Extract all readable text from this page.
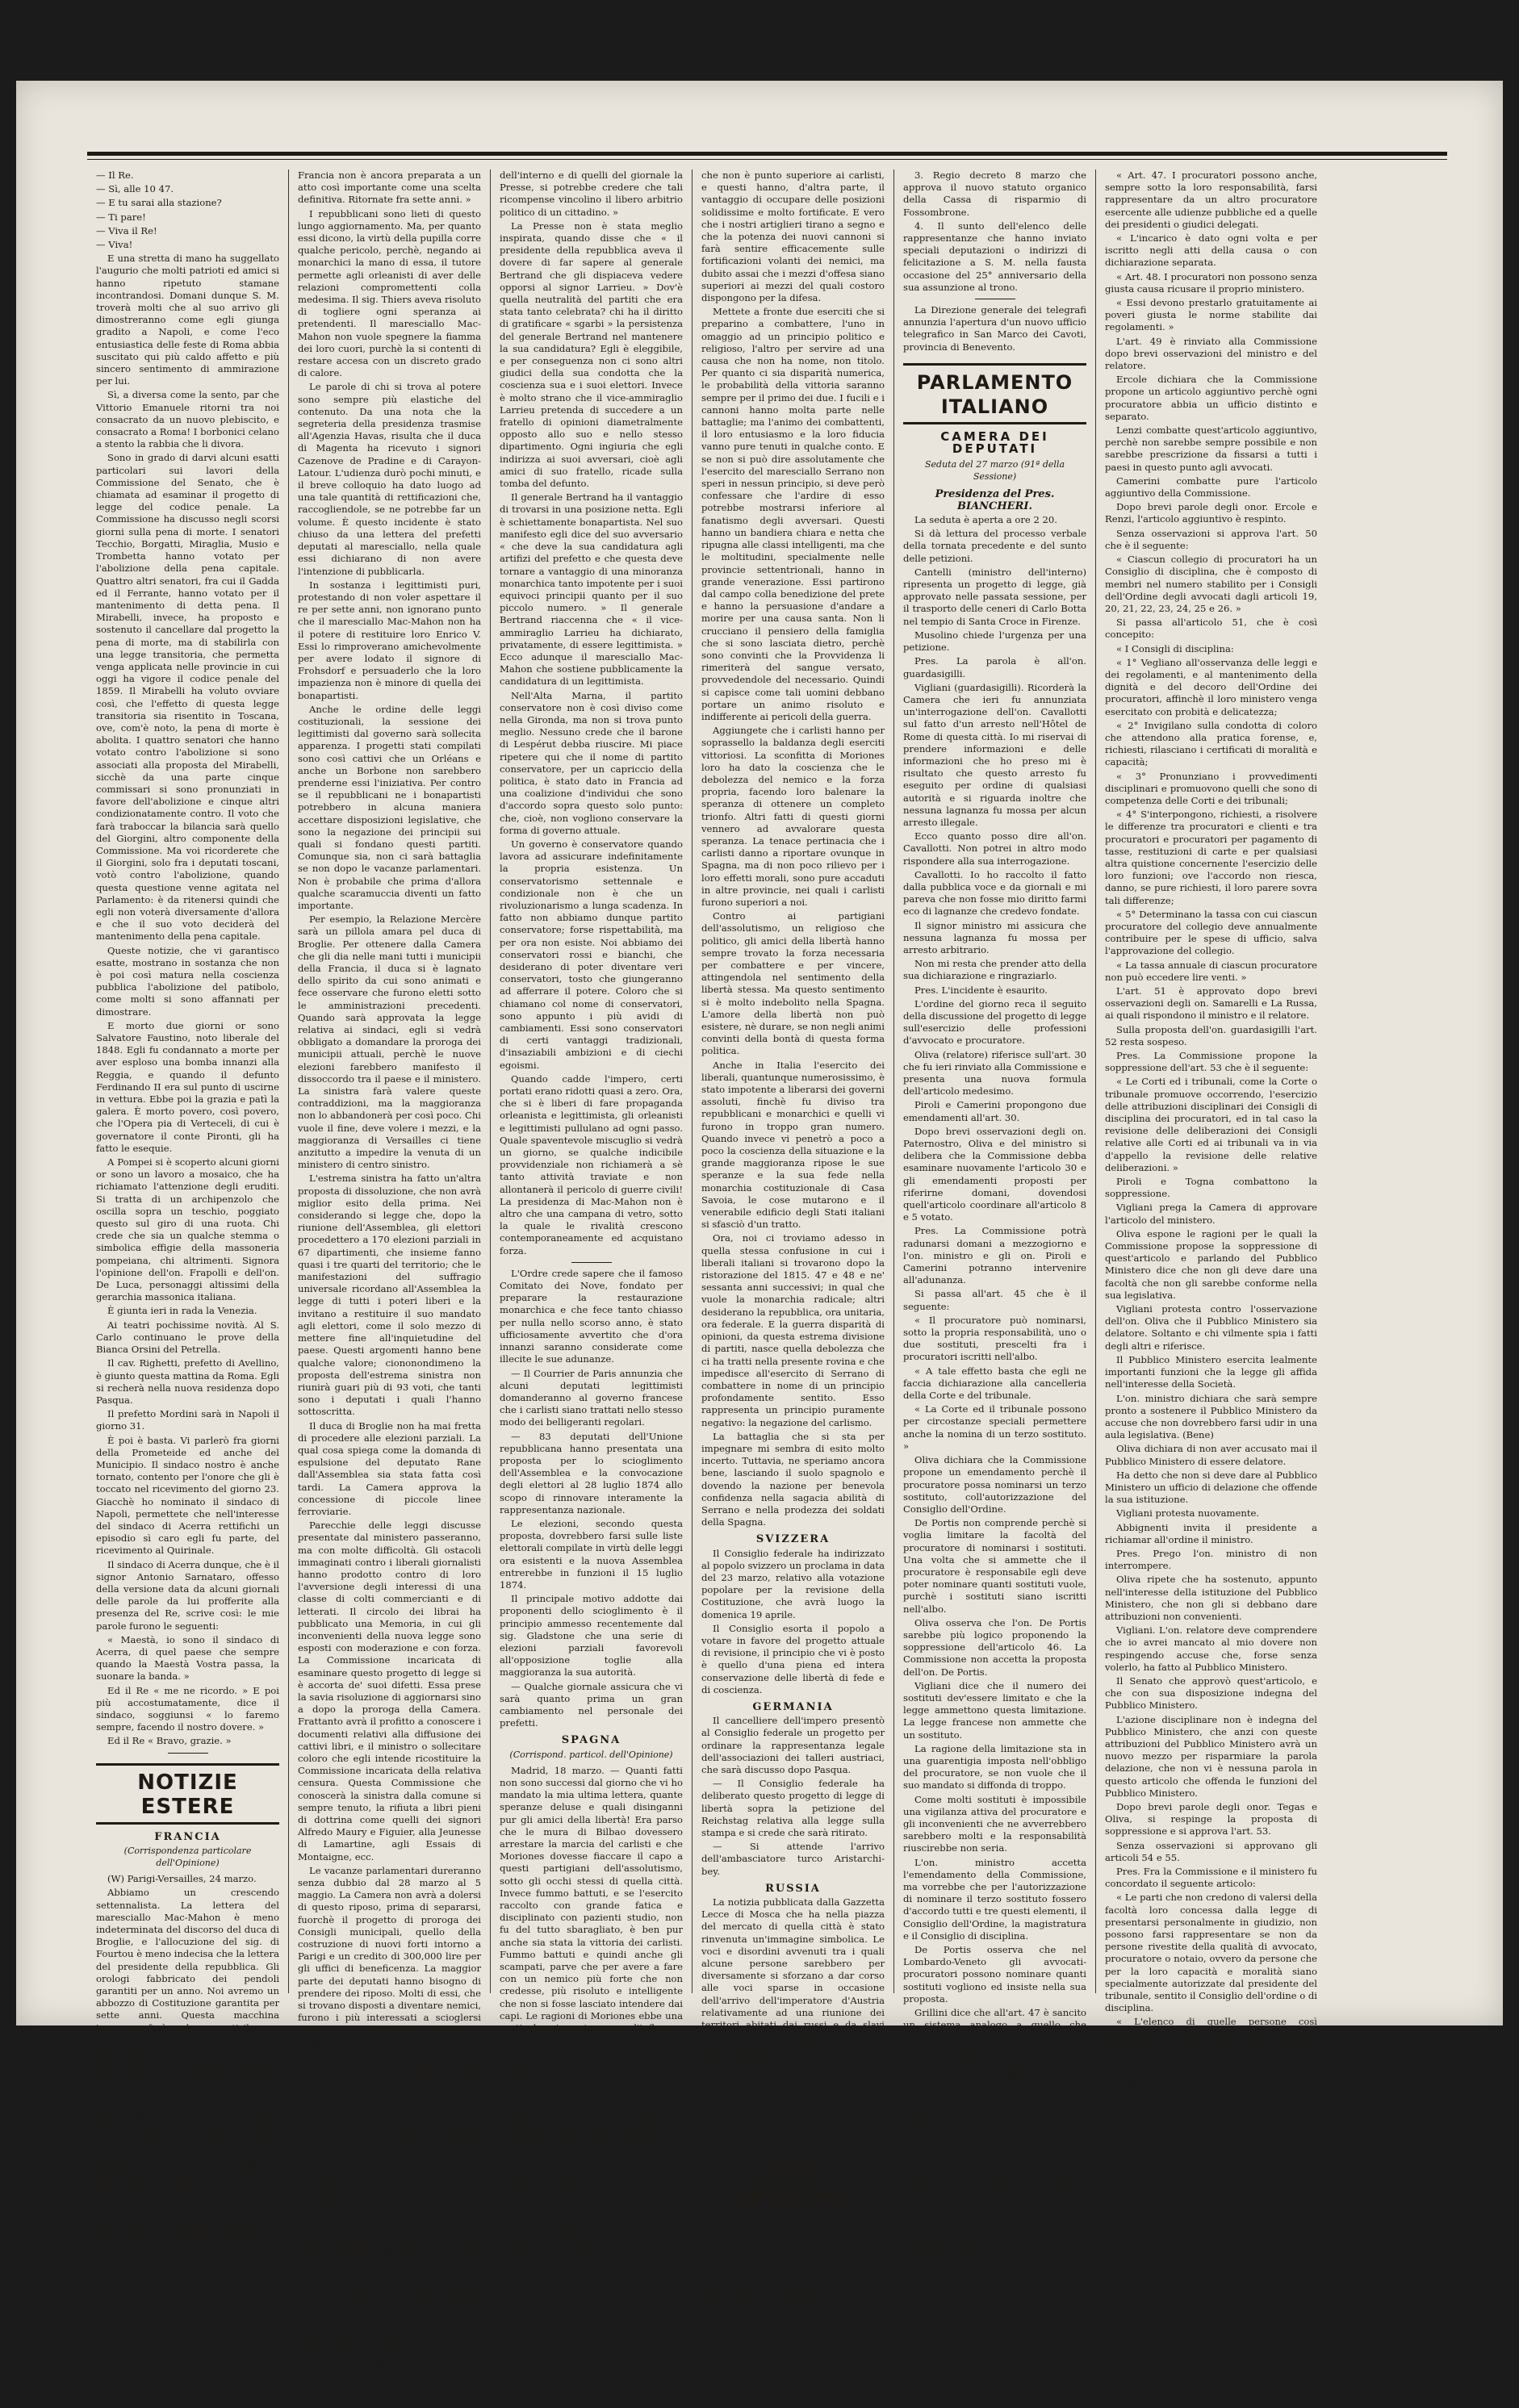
— Il Re.

— Sì, alle 10 47.

— E tu sarai alla stazione?

— Ti pare!

— Viva il Re!

— Viva!

E una stretta di mano ha suggellato l'augurio che molti patrioti ed amici si hanno ripetuto stamane incontrandosi. Domani dunque S. M. troverà molti che al suo arrivo gli dimostreranno come egli giunga gradito a Napoli, e come l'eco entusiastica delle feste di Roma abbia suscitato qui più caldo affetto e più sincero sentimento di ammirazione per lui.

Sì, a diversa come la sento, par che Vittorio Emanuele ritorni tra noi consacrato da un nuovo plebiscito, e consacrato a Roma! I borbonici celano a stento la rabbia che li divora.

Sono in grado di darvi alcuni esatti particolari sui lavori della Commissione del Senato, che è chiamata ad esaminar il progetto di legge del codice penale. La Commissione ha discusso negli scorsi giorni sulla pena di morte. I senatori Tecchio, Borgatti, Miraglia, Musio e Trombetta hanno votato per l'abolizione della pena capitale. Quattro altri senatori, fra cui il Gadda ed il Ferrante, hanno votato per il mantenimento di detta pena. Il Mirabelli, invece, ha proposto e sostenuto il cancellare dal progetto la pena di morte, ma di stabilirla con una legge transitoria, che permetta venga applicata nelle provincie in cui oggi ha vigore il codice penale del 1859. Il Mirabelli ha voluto ovviare così, che l'effetto di questa legge transitoria sia risentito in Toscana, ove, com'è noto, la pena di morte è abolita. I quattro senatori che hanno votato contro l'abolizione si sono associati alla proposta del Mirabelli, sicchè da una parte cinque commissari si sono pronunziati in favore dell'abolizione e cinque altri condizionatamente contro. Il voto che farà traboccar la bilancia sarà quello del Giorgini, altro componente della Commissione. Ma voi ricorderete che il Giorgini, solo fra i deputati toscani, votò contro l'abolizione, quando questa questione venne agitata nel Parlamento: è da ritenersi quindi che egli non voterà diversamente d'allora e che il suo voto deciderà del mantenimento della pena capitale.

Queste notizie, che vi garantisco esatte, mostrano in sostanza che non è poi così matura nella coscienza pubblica l'abolizione del patibolo, come molti si sono affannati per dimostrare.

E morto due giorni or sono Salvatore Faustino, noto liberale del 1848. Egli fu condannato a morte per aver esploso una bomba innanzi alla Reggia, e quando il defunto Ferdinando II era sul punto di uscirne in vettura. Ebbe poi la grazia e patì la galera. È morto povero, così povero, che l'Opera pia di Verteceli, di cui è governatore il conte Pironti, gli ha fatto le esequie.

A Pompei si è scoperto alcuni giorni or sono un lavoro a mosaico, che ha richiamato l'attenzione degli eruditi. Si tratta di un archipenzolo che oscilla sopra un teschio, poggiato questo sul giro di una ruota. Chi crede che sia un qualche stemma o simbolica effigie della massoneria pompeiana, chi altrimenti. Signora l'opinione dell'on. Frapolli e dell'on. De Luca, personaggi altissimi della gerarchia massonica italiana.

È giunta ieri in rada la Venezia.

Ai teatri pochissime novità. Al S. Carlo continuano le prove della Bianca Orsini del Petrella.

Il cav. Righetti, prefetto di Avellino, è giunto questa mattina da Roma. Egli si recherà nella nuova residenza dopo Pasqua.

Il prefetto Mordini sarà in Napoli il giorno 31.

È poi è basta. Vi parlerò fra giorni della Prometeide ed anche del Municipio. Il sindaco nostro è anche tornato, contento per l'onore che gli è toccato nel ricevimento del giorno 23. Giacchè ho nominato il sindaco di Napoli, permettete che nell'interesse del sindaco di Acerra rettifichi un episodio sì caro egli fu parte, del ricevimento al Quirinale.

Il sindaco di Acerra dunque, che è il signor Antonio Sarnataro, offesso della versione data da alcuni giornali delle parole da lui profferite alla presenza del Re, scrive così: le mie parole furono le seguenti:

« Maestà, io sono il sindaco di Acerra, di quel paese che sempre quando la Maestà Vostra passa, la suonare la banda. »

Ed il Re « me ne ricordo. » E poi più accostumatamente, dice il sindaco, soggiunsi « lo faremo sempre, facendo il nostro dovere. »

Ed il Re « Bravo, grazie. »

NOTIZIE ESTERE
FRANCIA
(Corrispondenza particolare dell'Opinione)

(W) Parigi-Versailles, 24 marzo.

Abbiamo un crescendo settennalista. La lettera del maresciallo Mac-Mahon è meno indeterminata del discorso del duca di Broglie, e l'allocuzione del sig. di Fourtou è meno indecisa che la lettera del presidente della repubblica. Gli orologi fabbricato dei pendoli garantiti per un anno. Noi avremo un abbozzo di Costituzione garantita per sette anni. Questa macchina inseguosa farà andare avanti il carro della repubblica con ruote legittimiste, orleaniste e clericali. Per sette anni ciascun partito avrà la convinzione che il domani appartiene a lui ed ai suoi.

Il signor di Fourtou è persuaso che dopo questo lasso di tempo la Francia sarà in grado di vedere chiaramente ne' suoi affari. Ogni partito, convinto che al fine il tutore consegnerà a lui la pupilla, sollecita il maresciallo ad abbreviare la dilazione, e nelle sue sollecitazioni adopera quello stesso ardore che il fidanzato impaziente suole usare nello svolgere le ultime pagine del suo romanzo. Le madri che non ardono del desiderio di avere un genero, adoperano la formula: « Mia figlia è troppo giovane; tornate più tardi. »

Il maresciallo Mac-Mahon risponde: « La

Francia non è ancora preparata a un atto così importante come una scelta definitiva. Ritornate fra sette anni. »

I repubblicani sono lieti di questo lungo aggiornamento. Ma, per quanto essi dicono, la virtù della pupilla corre qualche pericolo, perchè, negando ai monarchici la mano di essa, il tutore permette agli orleanisti di aver delle relazioni compromettenti colla medesima. Il sig. Thiers aveva risoluto di togliere ogni speranza ai pretendenti. Il maresciallo Mac-Mahon non vuole spegnere la fiamma dei loro cuori, purchè la si contenti di restare accesa con un discreto grado di calore.

Le parole di chi si trova al potere sono sempre più elastiche del contenuto. Da una nota che la segreteria della presidenza trasmise all'Agenzia Havas, risulta che il duca di Magenta ha ricevuto i signori Cazenove de Pradine e di Carayon-Latour. L'udienza durò pochi minuti, e il breve colloquio ha dato luogo ad una tale quantità di rettificazioni che, raccogliendole, se ne potrebbe far un volume. È questo incidente è stato chiuso da una lettera del prefetti deputati al maresciallo, nella quale essi dichiarano di non avere l'intenzione di pubblicarla.

In sostanza i legittimisti puri, protestando di non voler aspettare il re per sette anni, non ignorano punto che il maresciallo Mac-Mahon non ha il potere di restituire loro Enrico V. Essi lo rimproverano amichevolmente per avere lodato il signore di Frohsdorf e persuaderlo che la loro impazienza non è minore di quella dei bonapartisti.

Anche le ordine delle leggi costituzionali, la sessione dei legittimisti dal governo sarà sollecita apparenza. I progetti stati compilati sono così cattivi che un Orléans e anche un Borbone non sarebbero prenderne essi l'iniziativa. Per contro se il repubblicani ne i bonapartisti potrebbero in alcuna maniera accettare disposizioni legislative, che sono la negazione dei principii sui quali si fondano questi partiti. Comunque sia, non ci sarà battaglia se non dopo le vacanze parlamentari. Non è probabile che prima d'allora qualche scaramuccia diventi un fatto importante.

Per esempio, la Relazione Mercère sarà un pillola amara pel duca di Broglie. Per ottenere dalla Camera che gli dia nelle mani tutti i municipii della Francia, il duca si è lagnato dello spirito da cui sono animati e fece osservare che furono eletti sotto le amministrazioni precedenti. Quando sarà approvata la legge relativa ai sindaci, egli si vedrà obbligato a domandare la proroga dei municipii attuali, perchè le nuove elezioni farebbero manifesto il dissoccordo tra il paese e il ministero. La sinistra farà valere queste contraddizioni, ma la maggioranza non lo abbandonerà per così poco. Chi vuole il fine, deve volere i mezzi, e la maggioranza di Versailles ci tiene anzitutto a impedire la venuta di un ministero di centro sinistro.

L'estrema sinistra ha fatto un'altra proposta di dissoluzione, che non avrà miglior esito della prima. Nei considerando si legge che, dopo la riunione dell'Assemblea, gli elettori procedettero a 170 elezioni parziali in 67 dipartimenti, che insieme fanno quasi i tre quarti del territorio; che le manifestazioni del suffragio universale ricordano all'Assemblea la legge di tutti i poteri liberi e la invitano a restituire il suo mandato agli elettori, come il solo mezzo di mettere fine all'inquietudine del paese. Questi argomenti hanno bene qualche valore; ciononondimeno la proposta dell'estrema sinistra non riunirà guari più di 93 voti, che tanti sono i deputati i quali l'hanno sottoscritta.

Il duca di Broglie non ha mai fretta di procedere alle elezioni parziali. La qual cosa spiega come la domanda di espulsione del deputato Rane dall'Assemblea sia stata fatta così tardi. La Camera approva la concessione di piccole linee ferroviarie.

Parecchie delle leggi discusse presentate dal ministero passeranno, ma con molte difficoltà. Gli ostacoli immaginati contro i liberali giornalisti hanno prodotto contro di loro l'avversione degli interessi di una classe di colti commercianti e di letterati. Il circolo dei librai ha pubblicato una Memoria, in cui gli inconvenienti della nuova legge sono esposti con moderazione e con forza. La Commissione incaricata di esaminare questo progetto di legge si è accorta de' suoi difetti. Essa prese la savia risoluzione di aggiornarsi sino a dopo la proroga della Camera. Frattanto avrà il profitto a conoscere i documenti relativi alla diffusione dei cattivi libri, e il ministro o sollecitare coloro che egli intende ricostituire la Commissione incaricata della relativa censura. Questa Commissione che conoscerà la sinistra dalla comune si sempre tenuto, la rifiuta a libri pieni di dottrina come quelli dei signori Alfredo Maury e Figuier, alla Jeunesse di Lamartine, agli Essais di Montaigne, ecc.

Le vacanze parlamentari dureranno senza dubbio dal 28 marzo al 5 maggio. La Camera non avrà a dolersi di questo riposo, prima di separarsi, fuorchè il progetto di proroga dei Consigli municipali, quello della costruzione di nuovi forti intorno a Parigi e un credito di 300,000 lire per gli uffici di beneficenza. La maggior parte dei deputati hanno bisogno di prendere dei riposo. Molti di essi, che si trovano disposti a diventare nemici, furono i più interessati a scioglersi non fosse per durante l'assedio. Le feste ufficiali, le quali si sperava che dessero un nuovo impulso agli affari, non hanno potuto dissipare la nube che aveva e ha delle ragioni molto profonde.

Il movimento elettorale nell'Alta Marna e nella Gironda non appare favorevole al governo. La Presse, organo ufficioso del duca di Broglie, ha pubblicato una nota espressa in termini così malaccorti, che i giornali dell'opposizione ci hanno trovata molta materia di scherni. La Presse, « persistendo il generale Bertrand nel voler dividere il partito conservatore, » crede di « dover ricordare ch'egli è stato nominato, or sono tre mesi appena, grande ufficiale della Legion d'onore. Quando, in Novembre scorso, il maresciallo Mac-Mahon parlò contro la legge di sicurezza generale, gli organi del governo non poterono parlare più con più più franchezza e decisione, a tutela di leggi (intendimento) a questa, uccisa dalla benevolenza di Napoleone III.

« In nome della nazione che un capo dello Stato riconoscano il merito; non sappiamo se altrove, fuori degli uffici del ministero

dell'interno e di quelli del giornale la Presse, si potrebbe credere che tali ricompense vincolino il libero arbitrio politico di un cittadino. »

La Presse non è stata meglio inspirata, quando disse che « il presidente della repubblica aveva il dovere di far sapere al generale Bertrand che gli dispiaceva vedere opporsi al signor Larrieu. » Dov'è quella neutralità del partiti che era stata tanto celebrata? chi ha il diritto di gratificare « sgarbi » la persistenza del generale Bertrand nel mantenere la sua candidatura? Egli è eleggibile, e per conseguenza non ci sono altri giudici della sua condotta che la coscienza sua e i suoi elettori. Invece è molto strano che il vice-ammiraglio Larrieu pretenda di succedere a un fratello di opinioni diametralmente opposto allo suo e nello stesso dipartimento. Ogni ingiuria che egli indirizza ai suoi avversari, cioè agli amici di suo fratello, ricade sulla tomba del defunto.

Il generale Bertrand ha il vantaggio di trovarsi in una posizione netta. Egli è schiettamente bonapartista. Nel suo manifesto egli dice del suo avversario « che deve la sua candidatura agli artifizi del prefetto e che questa deve tornare a vantaggio di una minoranza monarchica tanto impotente per i suoi equivoci principii quanto per il suo piccolo numero. » Il generale Bertrand riaccenna che « il vice-ammiraglio Larrieu ha dichiarato, privatamente, di essere legittimista. » Ecco adunque il maresciallo Mac-Mahon che sostiene pubblicamente la candidatura di un legittimista.

Nell'Alta Marna, il partito conservatore non è così diviso come nella Gironda, ma non si trova punto meglio. Nessuno crede che il barone di Lespérut debba riuscire. Mi piace ripetere qui che il nome di partito conservatore, per un capriccio della politica, è stato dato in Francia ad una coalizione d'individui che sono d'accordo sopra questo solo punto: che, cioè, non vogliono conservare la forma di governo attuale.

Un governo è conservatore quando lavora ad assicurare indefinitamente la propria esistenza. Un conservatorismo settennale e condizionale non è che un rivoluzionarismo a lunga scadenza. In fatto non abbiamo dunque partito conservatore; forse rispettabilità, ma per ora non esiste. Noi abbiamo dei conservatori rossi e bianchi, che desiderano di poter diventare veri conservatori, tosto che giungeranno ad afferrare il potere. Coloro che si chiamano col nome di conservatori, sono appunto i più avidi di cambiamenti. Essi sono conservatori di certi vantaggi tradizionali, d'insaziabili ambizioni e di ciechi egoismi.

Quando cadde l'impero, certi portati erano ridotti quasi a zero. Ora, che si è liberi di fare propaganda orleanista e legittimista, gli orleanisti e legittimisti pullulano ad ogni passo. Quale spaventevole miscuglio si vedrà un giorno, se qualche indicibile provvidenziale non richiamerà a sè tanto attività traviate e non allontanerà il pericolo di guerre civili! La presidenza di Mac-Mahon non è altro che una campana di vetro, sotto la quale le rivalità crescono contemporaneamente ed acquistano forza.

L'Ordre crede sapere che il famoso Comitato dei Nove, fondato per preparare la restaurazione monarchica e che fece tanto chiasso per nulla nello scorso anno, è stato ufficiosamente avvertito che d'ora innanzi saranno considerate come illecite le sue adunanze.

— Il Courrier de Paris annunzia che alcuni deputati legittimisti domanderanno al governo francese che i carlisti siano trattati nello stesso modo dei belligeranti regolari.

— 83 deputati dell'Unione repubblicana hanno presentata una proposta per lo scioglimento dell'Assemblea e la convocazione degli elettori al 28 luglio 1874 allo scopo di rinnovare interamente la rappresentanza nazionale.

Le elezioni, secondo questa proposta, dovrebbero farsi sulle liste elettorali compilate in virtù delle leggi ora esistenti e la nuova Assemblea entrerebbe in funzioni il 15 luglio 1874.

Il principale motivo addotte dai proponenti dello scioglimento è il principio ammesso recentemente dal sig. Gladstone che una serie di elezioni parziali favorevoli all'opposizione toglie alla maggioranza la sua autorità.

— Qualche giornale assicura che vi sarà quanto prima un gran cambiamento nel personale dei prefetti.

SPAGNA
(Corrispond. particol. dell'Opinione)

Madrid, 18 marzo. — Quanti fatti non sono successi dal giorno che vi ho mandato la mia ultima lettera, quante speranze deluse e quali disinganni pur gli amici della libertà! Era parso che le mura di Bilbao dovessero arrestare la marcia del carlisti e che Moriones dovesse fiaccare il capo a questi partigiani dell'assolutismo, sotto gli occhi stessi di quella città. Invece fummo battuti, e se l'esercito raccolto con grande fatica e disciplinato con pazienti studio, non fu del tutto sbaragliato, è ben pur anche sia stata la vittoria dei carlisti. Fummo battuti e quindi anche gli scampati, parve che per avere a fare con un nemico più forte che non credesse, più risoluto e intelligente che non si fosse lasciato intendere dai capi. Le ragioni di Moriones ebbe una particolare importanza per l'influenza che ha dovuto avere sopra le altre truppe, che perdettero sul morale dei soldati.

Ora quell' esercito medesimo è stato accresciuto di rinforzi numerosi, e si trova in ben altre e più poderosa artiglieria. Un nuovo comandante gli fu messo a capo e il fior dell'esercito spagnuolo, i più insigni generali e coi più speriamo precedono mi guerra che abbia la Spagna il Serrano, Topete, Loma, Primo de Rivera, Lopez-Dominguez e quant'altri mai abbiamo valenti capitani, si trovano di fronte agli oppositori e non aspettano che un'opportuna occasione per dare finalmente la battaglia.

Sventuratamente l'esercito calcola anche adesso sopra il concorso delle popolazioni dopo dalle disposizioni del mare. Gli rotto a ciò, noi abbiamo un numero d'uomini

che non è punto superiore ai carlisti, e questi hanno, d'altra parte, il vantaggio di occupare delle posizioni solidissime e molto fortificate. E vero che i nostri artiglieri tirano a segno e che la potenza dei nuovi cannoni si farà sentire efficacemente sulle fortificazioni volanti dei nemici, ma dubito assai che i mezzi d'offesa siano superiori ai mezzi del quali costoro dispongono per la difesa.

Mettete a fronte due eserciti che si preparino a combattere, l'uno in omaggio ad un principio politico e religioso, l'altro per servire ad una causa che non ha nome, non titolo. Per quanto ci sia disparità numerica, le probabilità della vittoria saranno sempre per il primo dei due. I fucili e i cannoni hanno molta parte nelle battaglie; ma l'animo dei combattenti, il loro entusiasmo e la loro fiducia vanno pure tenuti in qualche conto. E se non si può dire assolutamente che l'esercito del maresciallo Serrano non speri in nessun principio, si deve però confessare che l'ardire di esso potrebbe mostrarsi inferiore al fanatismo degli avversari. Questi hanno un bandiera chiara e netta che ripugna alle classi intelligenti, ma che le moltitudini, specialmente nelle provincie settentrionali, hanno in grande venerazione. Essi partirono dal campo colla benedizione del prete e hanno la persuasione d'andare a morire per una causa santa. Non li crucciano il pensiero della famiglia che si sono lasciata dietro, perchè sono convinti che la Provvidenza li rimeriterà del sangue versato, provvedendole del necessario. Quindi si capisce come tali uomini debbano portare un animo risoluto e indifferente ai pericoli della guerra.

Aggiungete che i carlisti hanno per soprassello la baldanza degli eserciti vittoriosi. La sconfitta di Moriones loro ha dato la coscienza che le debolezza del nemico e la forza propria, facendo loro balenare la speranza di ottenere un completo trionfo. Altri fatti di questi giorni vennero ad avvalorare questa speranza. La tenace pertinacia che i carlisti danno a riportare ovunque in Spagna, ma di non poco rilievo per i loro effetti morali, sono pure accaduti in altre provincie, nei quali i carlisti furono superiori a noi.

Contro ai partigiani dell'assolutismo, un religioso che politico, gli amici della libertà hanno sempre trovato la forza necessaria per combattere e per vincere, attingendola nel sentimento della libertà stessa. Ma questo sentimento si è molto indebolito nella Spagna. L'amore della libertà non può esistere, nè durare, se non negli animi convinti della bontà di questa forma politica.

Anche in Italia l'esercito dei liberali, quantunque numerosissimo, è stato impotente a liberarsi dei governi assoluti, finchè fu diviso tra repubblicani e monarchici e quelli vi furono in troppo gran numero. Quando invece vi penetrò a poco a poco la coscienza della situazione e la grande maggioranza ripose le sue speranze e la sua fede nella monarchia costituzionale di Casa Savoia, le cose mutarono e il venerabile edificio degli Stati italiani si sfasciò d'un tratto.

Ora, noi ci troviamo adesso in quella stessa confusione in cui i liberali italiani si trovarono dopo la ristorazione del 1815. 47 e 48 e ne' sessanta anni successivi; in qual che vuole la monarchia radicale; altri desiderano la repubblica, ora unitaria, ora federale. E la guerra disparità di opinioni, da questa estrema divisione di partiti, nasce quella debolezza che ci ha tratti nella presente rovina e che impedisce all'esercito di Serrano di combattere in nome di un principio profondamente sentito. Esso rappresenta un principio puramente negativo: la negazione del carlismo.

La battaglia che si sta per impegnare mi sembra di esito molto incerto. Tuttavia, ne speriamo ancora bene, lasciando il suolo spagnolo e dovendo la nazione per benevola confidenza nella sagacia abilità di Serrano e nella prodezza dei soldati della Spagna.

SVIZZERA

Il Consiglio federale ha indirizzato al popolo svizzero un proclama in data del 23 marzo, relativo alla votazione popolare per la revisione della Costituzione, che avrà luogo la domenica 19 aprile.

Il Consiglio esorta il popolo a votare in favore del progetto attuale di revisione, il principio che vi è posto è quello d'una piena ed intera conservazione delle libertà di fede e di coscienza.

GERMANIA

Il cancelliere dell'impero presentò al Consiglio federale un progetto per ordinare la rappresentanza legale dell'associazioni dei talleri austriaci, che sarà discusso dopo Pasqua.

— Il Consiglio federale ha deliberato questo progetto di legge di libertà sopra la petizione del Reichstag relativa alla legge sulla stampa e si crede che sarà ritirato.

— Si attende l'arrivo dell'ambasciatore turco Aristarchi-bey.

RUSSIA

La notizia pubblicata dalla Gazzetta Lecce di Mosca che ha nella piazza del mercato di quella città è stato rinvenuta un'immagine simbolica. Le voci e disordini avvenuti tra i quali alcune persone sarebbero per diversamente si sforzano a dar corso alle voci sparse in occasione dell'arrivo dell'imperatore d'Austria relativamente ad una riunione dei territori abitati dai russi e da slavi sotto uno stesso dominio, secondo comunicazioni degne di fede, è affatto privo di fondamento.

GRECIA

Un dispaccio da Atene, 24, reca:

E arrivata qui una squadra composta di cinque navi corazzate inglesi.

ATTI UFFICIALI

La Gazzetta Ufficiale del 27 marzo contiene:

1. Regio decreto 8 marzo che approva una modificazione all'art. 12 del regolamento sulla istruzione degli alunni nell'Università di Firenze che porta intitolato obbligatorie.

2. Regio decreto 8 marzo che modifica il paragrafo 2° dell'art. 11 del regolamento generale universitario.

3. Regio decreto 8 marzo che approva il nuovo statuto organico della Cassa di risparmio di Fossombrone.

4. Il sunto dell'elenco delle rappresentanze che hanno inviato speciali deputazioni o indirizzi di felicitazione a S. M. nella fausta occasione del 25° anniversario della sua assunzione al trono.

La Direzione generale dei telegrafi annunzia l'apertura d'un nuovo ufficio telegrafico in San Marco dei Cavoti, provincia di Benevento.

PARLAMENTO ITALIANO
CAMERA DEI DEPUTATI
Seduta del 27 marzo (91ª della Sessione)
Presidenza del Pres. BIANCHERI.

La seduta è aperta a ore 2 20.

Si dà lettura del processo verbale della tornata precedente e del sunto delle petizioni.

Cantelli (ministro dell'interno) ripresenta un progetto di legge, già approvato nelle passata sessione, per il trasporto delle ceneri di Carlo Botta nel tempio di Santa Croce in Firenze.

Musolino chiede l'urgenza per una petizione.

Pres. La parola è all'on. guardasigilli.

Vigliani (guardasigilli). Ricorderà la Camera che ieri fu annunziata un'interrogazione dell'on. Cavallotti sul fatto d'un arresto nell'Hôtel de Rome di questa città. Io mi riservai di prendere informazioni e delle informazioni che ho preso mi è risultato che questo arresto fu eseguito per ordine di qualsiasi autorità e si riguarda inoltre che nessuna lagnanza fu mossa per alcun arresto illegale.

Ecco quanto posso dire all'on. Cavallotti. Non potrei in altro modo rispondere alla sua interrogazione.

Cavallotti. Io ho raccolto il fatto dalla pubblica voce e da giornali e mi parevа che non fosse mio diritto farmi eco di lagnanze che credevo fondate.

Il signor ministro mi assicura che nessuna lagnanza fu mossa per arresto arbitrario.

Non mi resta che prender atto della sua dichiarazione e ringraziarlo.

Pres. L'incidente è esaurito.

L'ordine del giorno reca il seguito della discussione del progetto di legge sull'esercizio delle professioni d'avvocato e procuratore.

Oliva (relatore) riferisce sull'art. 30 che fu ieri rinviato alla Commissione e presenta una nuova formula dell'articolo medesimo.

Piroli e Camerini propongono due emendamenti all'art. 30.

Dopo brevi osservazioni degli on. Paternostro, Oliva e del ministro si delibera che la Commissione debba esaminare nuovamente l'articolo 30 e gli emendamenti proposti per riferirne domani, dovendosi quell'articolo coordinare all'articolo 8 e 5 votato.

Pres. La Commissione potrà radunarsi domani a mezzogiorno e l'on. ministro e gli on. Piroli e Camerini potranno intervenire all'adunanza.

Si passa all'art. 45 che è il seguente:

« Il procuratore può nominarsi, sotto la propria responsabilità, uno o due sostituti, prescelti fra i procuratori iscritti nell'albo.

« A tale effetto basta che egli ne faccia dichiarazione alla cancelleria della Corte e del tribunale.

« La Corte ed il tribunale possono per circostanze speciali permettere anche la nomina di un terzo sostituto. »

Oliva dichiara che la Commissione propone un emendamento perchè il procuratore possa nominarsi un terzo sostituto, coll'autorizzazione del Consiglio dell'Ordine.

De Portis non comprende perchè si voglia limitare la facoltà del procuratore di nominarsi i sostituti. Una volta che si ammette che il procuratore è responsabile egli deve poter nominare quanti sostituti vuole, purchè i sostituti siano iscritti nell'albo.

Oliva osserva che l'on. De Portis sarebbe più logico proponendo la soppressione dell'articolo 46. La Commissione non accetta la proposta dell'on. De Portis.

Vigliani dice che il numero dei sostituti dev'essere limitato e che la legge ammettono questa limitazione. La legge francese non ammette che un sostituto.

La ragione della limitazione sta in una guarentigia imposta nell'obbligo del procuratore, se non vuole che il suo mandato si diffonda di troppo.

Come molti sostituti è impossibile una vigilanza attiva del procuratore e gli inconvenienti che ne avverrebbero sarebbero molti e la responsabilità riuscirebbe non seria.

L'on. ministro accetta l'emendamento della Commissione, ma vorrebbe che per l'autorizzazione di nominare il terzo sostituto fossero d'accordo tutti e tre questi elementi, il Consiglio dell'Ordine, la magistratura e il Consiglio di disciplina.

De Portis osserva che nel Lombardo-Veneto gli avvocati-procuratori possono nominare quanti sostituti vogliono ed insiste nella sua proposta.

Grillini dice che all'art. 47 è sancito un sistema analogo a quello che vigeva nel Lombardo-Veneto.

In quell'articolo è sancito che i procuratori possono anche, sotto la loro responsabilità, fare rappresentare da un altro procuratore esercente alle udienze pubbliche e a quelle dei presidenti o giudici delegati.

De Portis non insiste nel suo emendamento.

L'art. 45 è approvato coll'aggiunta dopo le parole la Corte e il tribunale possono delle parole: sentito il Consiglio dell'Ordine, proposte dal ministro d'accordo colla Commissione.

Senza osservazione si approvano i seguenti articoli:

« Art. 46. Il procuratore sostituto rappresenta per tutte le conseguenze di diritto il procuratore che lo ha nominato.

« Art. 47. I procuratori possono anche, sempre sotto la loro responsabilità, farsi rappresentare da un altro procuratore esercente alle udienze pubbliche ed a quelle dei presidenti o giudici delegati.

« L'incarico è dato ogni volta e per iscritto negli atti della causa o con dichiarazione separata.

« Art. 48. I procuratori non possono senza giusta causa ricusare il proprio ministero.

« Essi devono prestarlo gratuitamente ai poveri giusta le norme stabilite dai regolamenti. »

L'art. 49 è rinviato alla Commissione dopo brevi osservazioni del ministro e del relatore.

Ercole dichiara che la Commissione propone un articolo aggiuntivo perchè ogni procuratore abbia un ufficio distinto e separato.

Lenzi combatte quest'articolo aggiuntivo, perchè non sarebbe sempre possibile e non sarebbe prescrizione da fissarsi a tutti i paesi in questo punto agli avvocati.

Camerini combatte pure l'articolo aggiuntivo della Commissione.

Dopo brevi parole degli onor. Ercole e Renzi, l'articolo aggiuntivo è respinto.

Senza osservazioni si approva l'art. 50 che è il seguente:

« Ciascun collegio di procuratori ha un Consiglio di disciplina, che è composto di membri nel numero stabilito per i Consigli dell'Ordine degli avvocati dagli articoli 19, 20, 21, 22, 23, 24, 25 e 26. »

Si passa all'articolo 51, che è così concepito:

« I Consigli di disciplina:

« 1° Vegliano all'osservanza delle leggi e dei regolamenti, e al mantenimento della dignità e del decoro dell'Ordine dei procuratori, affinchè il loro ministero venga esercitato con probità e delicatezza;

« 2° Invigilano sulla condotta di coloro che attendono alla pratica forense, e, richiesti, rilasciano i certificati di moralità e capacità;

« 3° Pronunziano i provvedimenti disciplinari e promuovono quelli che sono di competenza delle Corti e dei tribunali;

« 4° S'interpongono, richiesti, a risolvere le differenze tra procuratori e clienti e tra procuratori e procuratori per pagamento di tasse, restituzioni di carte e per qualsiasi altra quistione concernente l'esercizio delle loro funzioni; ove l'accordo non riesca, danno, se pure richiesti, il loro parere sovra tali differenze;

« 5° Determinano la tassa con cui ciascun procuratore del collegio deve annualmente contribuire per le spese di ufficio, salva l'approvazione del collegio.

« La tassa annuale di ciascun procuratore non può eccedere lire venti. »

L'art. 51 è approvato dopo brevi osservazioni degli on. Samarelli e La Russa, ai quali rispondono il ministro e il relatore.

Sulla proposta dell'on. guardasigilli l'art. 52 resta sospeso.

Pres. La Commissione propone la soppressione dell'art. 53 che è il seguente:

« Le Corti ed i tribunali, come la Corte o tribunale promuove occorrendo, l'esercizio delle attribuzioni disciplinari dei Consigli di disciplina dei procuratori, ed in tal caso la revisione delle deliberazioni dei Consigli relative alle Corti ed ai tribunali va in via d'appello la revisione delle relative deliberazioni. »

Piroli e Togna combattono la soppressione.

Vigliani prega la Camera di approvare l'articolo del ministero.

Oliva espone le ragioni per le quali la Commissione propose la soppressione di quest'articolo e parlando del Pubblico Ministero dice che non gli deve dare una facoltà che non gli sarebbe conforme nella sua legislativa.

Vigliani protesta contro l'osservazione dell'on. Oliva che il Pubblico Ministero sia delatore. Soltanto e chi vilmente spia i fatti degli altri e riferisce.

Il Pubblico Ministero esercita lealmente importanti funzioni che la legge gli affida nell'interesse della Società.

L'on. ministro dichiara che sarà sempre pronto a sostenere il Pubblico Ministero da accuse che non dovrebbero farsi udir in una aula legislativa. (Bene)

Oliva dichiara di non aver accusato mai il Pubblico Ministero di essere delatore.

Ha detto che non si deve dare al Pubblico Ministero un ufficio di delazione che offende la sua istituzione.

Vigliani protesta nuovamente.

Abbignenti invita il presidente a richiamar all'ordine il ministro.

Pres. Prego l'on. ministro di non interrompere.

Oliva ripete che ha sostenuto, appunto nell'interesse della istituzione del Pubblico Ministero, che non gli si debbano dare attribuzioni non convenienti.

Vigliani. L'on. relatore deve comprendere che io avrei mancato al mio dovere non respingendo accuse che, forse senza volerlo, ha fatto al Pubblico Ministero.

Il Senato che approvò quest'articolo, e che con sua disposizione indegna del Pubblico Ministero.

L'azione disciplinare non è indegna del Pubblico Ministero, che anzi con queste attribuzioni del Pubblico Ministero avrà un nuovo mezzo per risparmiare la parola delazione, che non vi è nessuna parola in questo articolo che offenda le funzioni del Pubblico Ministero.

Dopo brevi parole degli onor. Tegas e Oliva, si respinge la proposta di soppressione e si approva l'art. 53.

Senza osservazioni si approvano gli articoli 54 e 55.

Pres. Fra la Commissione e il ministero fu concordato il seguente articolo:

« Le parti che non credono di valersi della facoltà loro concessa dalla legge di presentarsi personalmente in giudizio, non possono farsi rappresentare se non da persone rivestite della qualità di avvocato, procuratore o notaio, ovvero da persone che per la loro capacità e moralità siano specialmente autorizzate dal presidente del tribunale, sentito il Consiglio dell'ordine o di disciplina.

« L'elenco di quelle persone così autorizzate è affisso nella sala d'ingresso del tribunale e nella sala d'attesa ai giudici della pretura.

« Resta sempre libera la parte di scegliere
